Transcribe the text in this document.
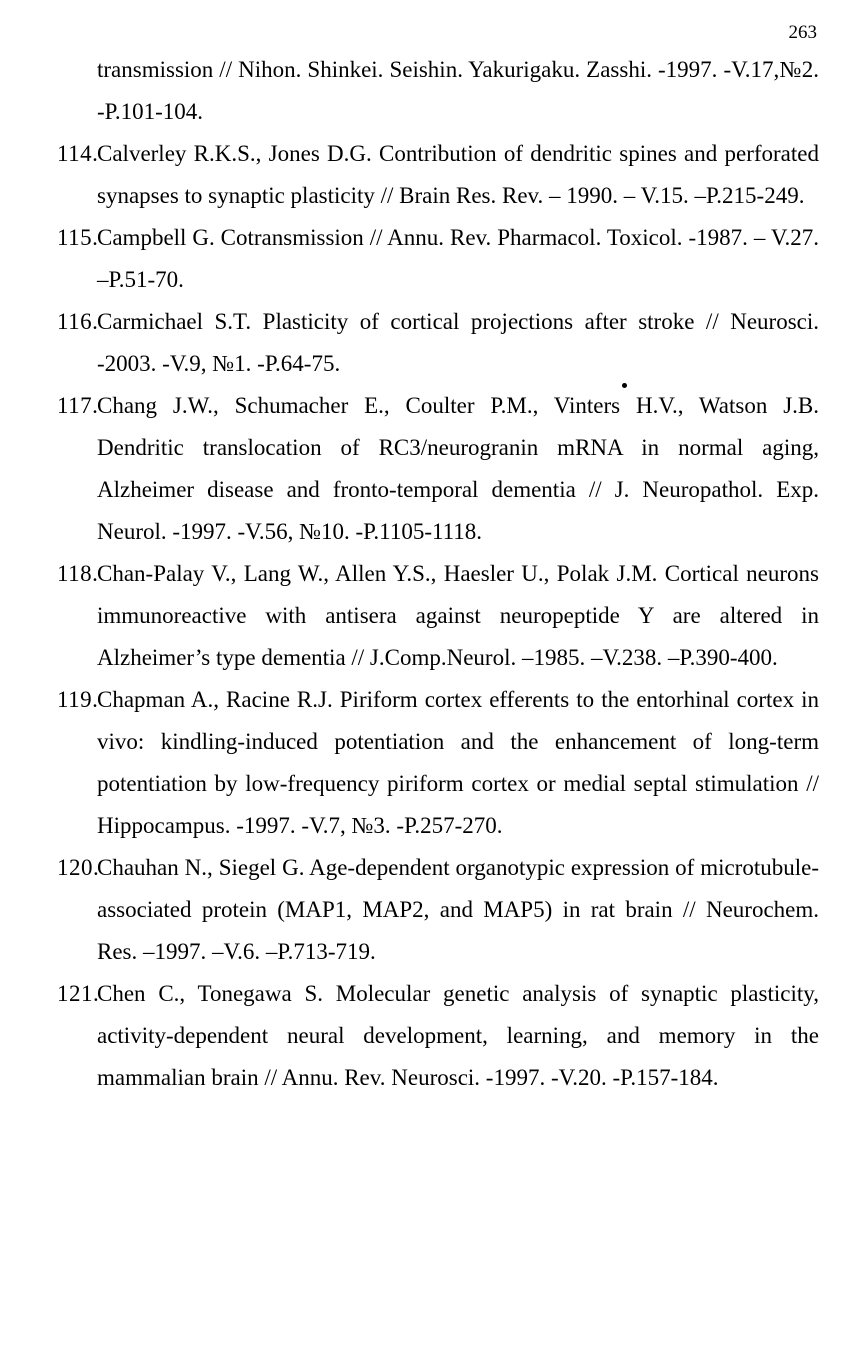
263
transmission // Nihon. Shinkei. Seishin. Yakurigaku. Zasshi. -1997. -V.17,№2. -P.101-104.
114.
Calverley R.K.S., Jones D.G. Contribution of dendritic spines and perforated synapses to synaptic plasticity // Brain Res. Rev. – 1990. – V.15. –P.215-249.
115.
Campbell G. Cotransmission // Annu. Rev. Pharmacol. Toxicol. -1987. – V.27. –P.51-70.
116.
Carmichael S.T. Plasticity of cortical projections after stroke // Neurosci. -2003. -V.9, №1. -P.64-75.
117.
Chang J.W., Schumacher E., Coulter P.M., Vinters H.V., Watson J.B. Dendritic translocation of RC3/neurogranin mRNA in normal aging, Alzheimer disease and fronto-temporal dementia // J. Neuropathol. Exp. Neurol. -1997. -V.56, №10. -P.1105-1118.
118.
Chan-Palay V., Lang W., Allen Y.S., Haesler U., Polak J.M. Cortical neurons immunoreactive with antisera against neuropeptide Y are altered in Alzheimer’s type dementia // J.Comp.Neurol. –1985. –V.238. –P.390-400.
119.
Chapman A., Racine R.J. Piriform cortex efferents to the entorhinal cortex in vivo: kindling-induced potentiation and the enhancement of long-term potentiation by low-frequency piriform cortex or medial septal stimulation // Hippocampus. -1997. -V.7, №3. -P.257-270.
120.
Chauhan N., Siegel G. Age-dependent organotypic expression of microtubule-associated protein (MAP1, MAP2, and MAP5) in rat brain // Neurochem. Res. –1997. –V.6. –P.713-719.
121.
Chen C., Tonegawa S. Molecular genetic analysis of synaptic plasticity, activity-dependent neural development, learning, and memory in the mammalian brain // Annu. Rev. Neurosci. -1997. -V.20. -P.157-184.
